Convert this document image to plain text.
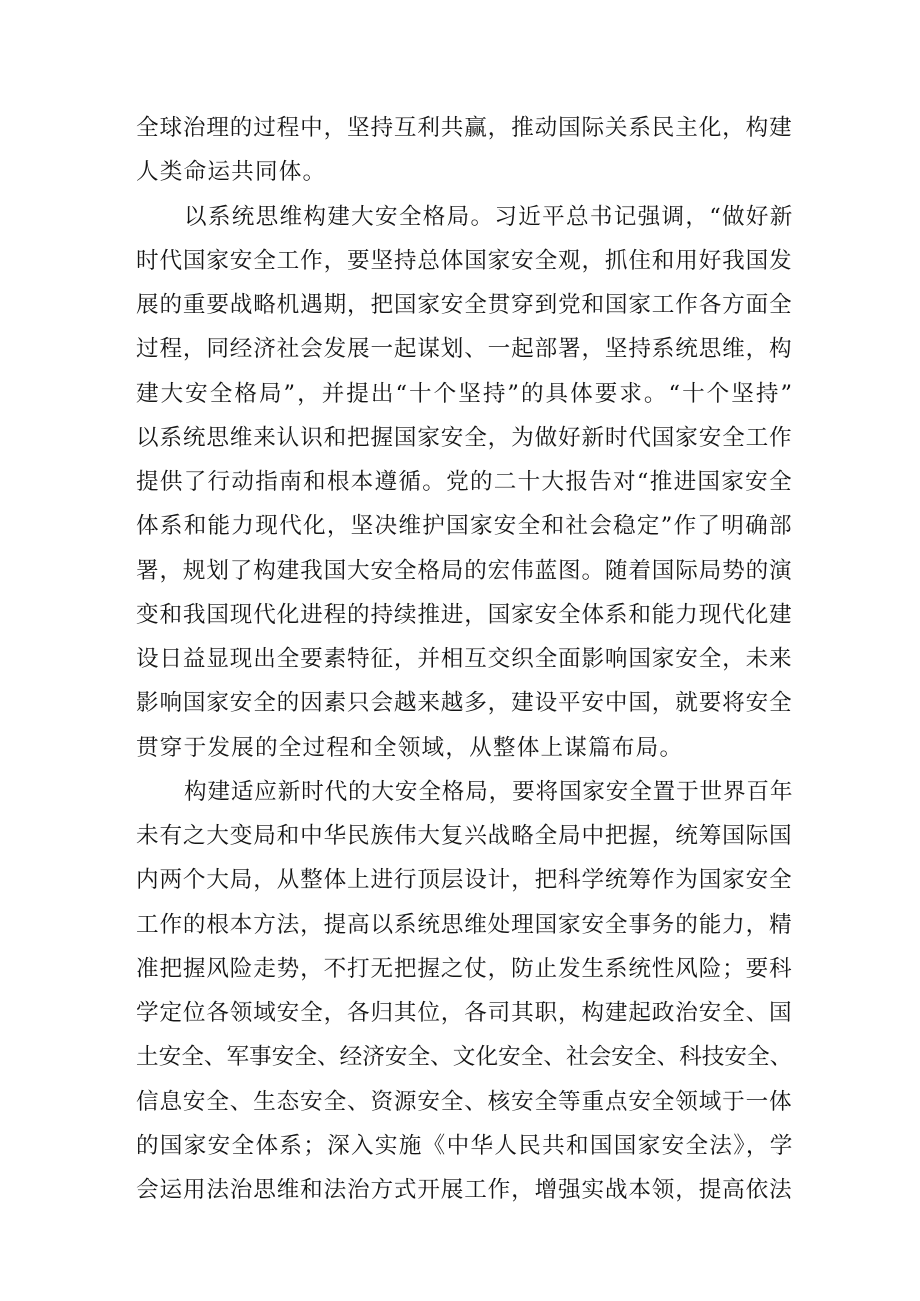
全球治理的过程中，坚持互利共赢，推动国际关系民主化，构建
人类命运共同体。
以系统思维构建大安全格局。习近平总书记强调，“做好新
时代国家安全工作，要坚持总体国家安全观，抓住和用好我国发
展的重要战略机遇期，把国家安全贯穿到党和国家工作各方面全
过程，同经济社会发展一起谋划、一起部署，坚持系统思维，构
建大安全格局”，并提出“十个坚持”的具体要求。“十个坚持”
以系统思维来认识和把握国家安全，为做好新时代国家安全工作
提供了行动指南和根本遵循。党的二十大报告对“推进国家安全
体系和能力现代化，坚决维护国家安全和社会稳定”作了明确部
署，规划了构建我国大安全格局的宏伟蓝图。随着国际局势的演
变和我国现代化进程的持续推进，国家安全体系和能力现代化建
设日益显现出全要素特征，并相互交织全面影响国家安全，未来
影响国家安全的因素只会越来越多，建设平安中国，就要将安全
贯穿于发展的全过程和全领域，从整体上谋篇布局。
构建适应新时代的大安全格局，要将国家安全置于世界百年
未有之大变局和中华民族伟大复兴战略全局中把握，统筹国际国
内两个大局，从整体上进行顶层设计，把科学统筹作为国家安全
工作的根本方法，提高以系统思维处理国家安全事务的能力，精
准把握风险走势，不打无把握之仗，防止发生系统性风险；要科
学定位各领域安全，各归其位，各司其职，构建起政治安全、国
土安全、军事安全、经济安全、文化安全、社会安全、科技安全、
信息安全、生态安全、资源安全、核安全等重点安全领域于一体
的国家安全体系；深入实施《中华人民共和国国家安全法》，学
会运用法治思维和法治方式开展工作，增强实战本领，提高依法
